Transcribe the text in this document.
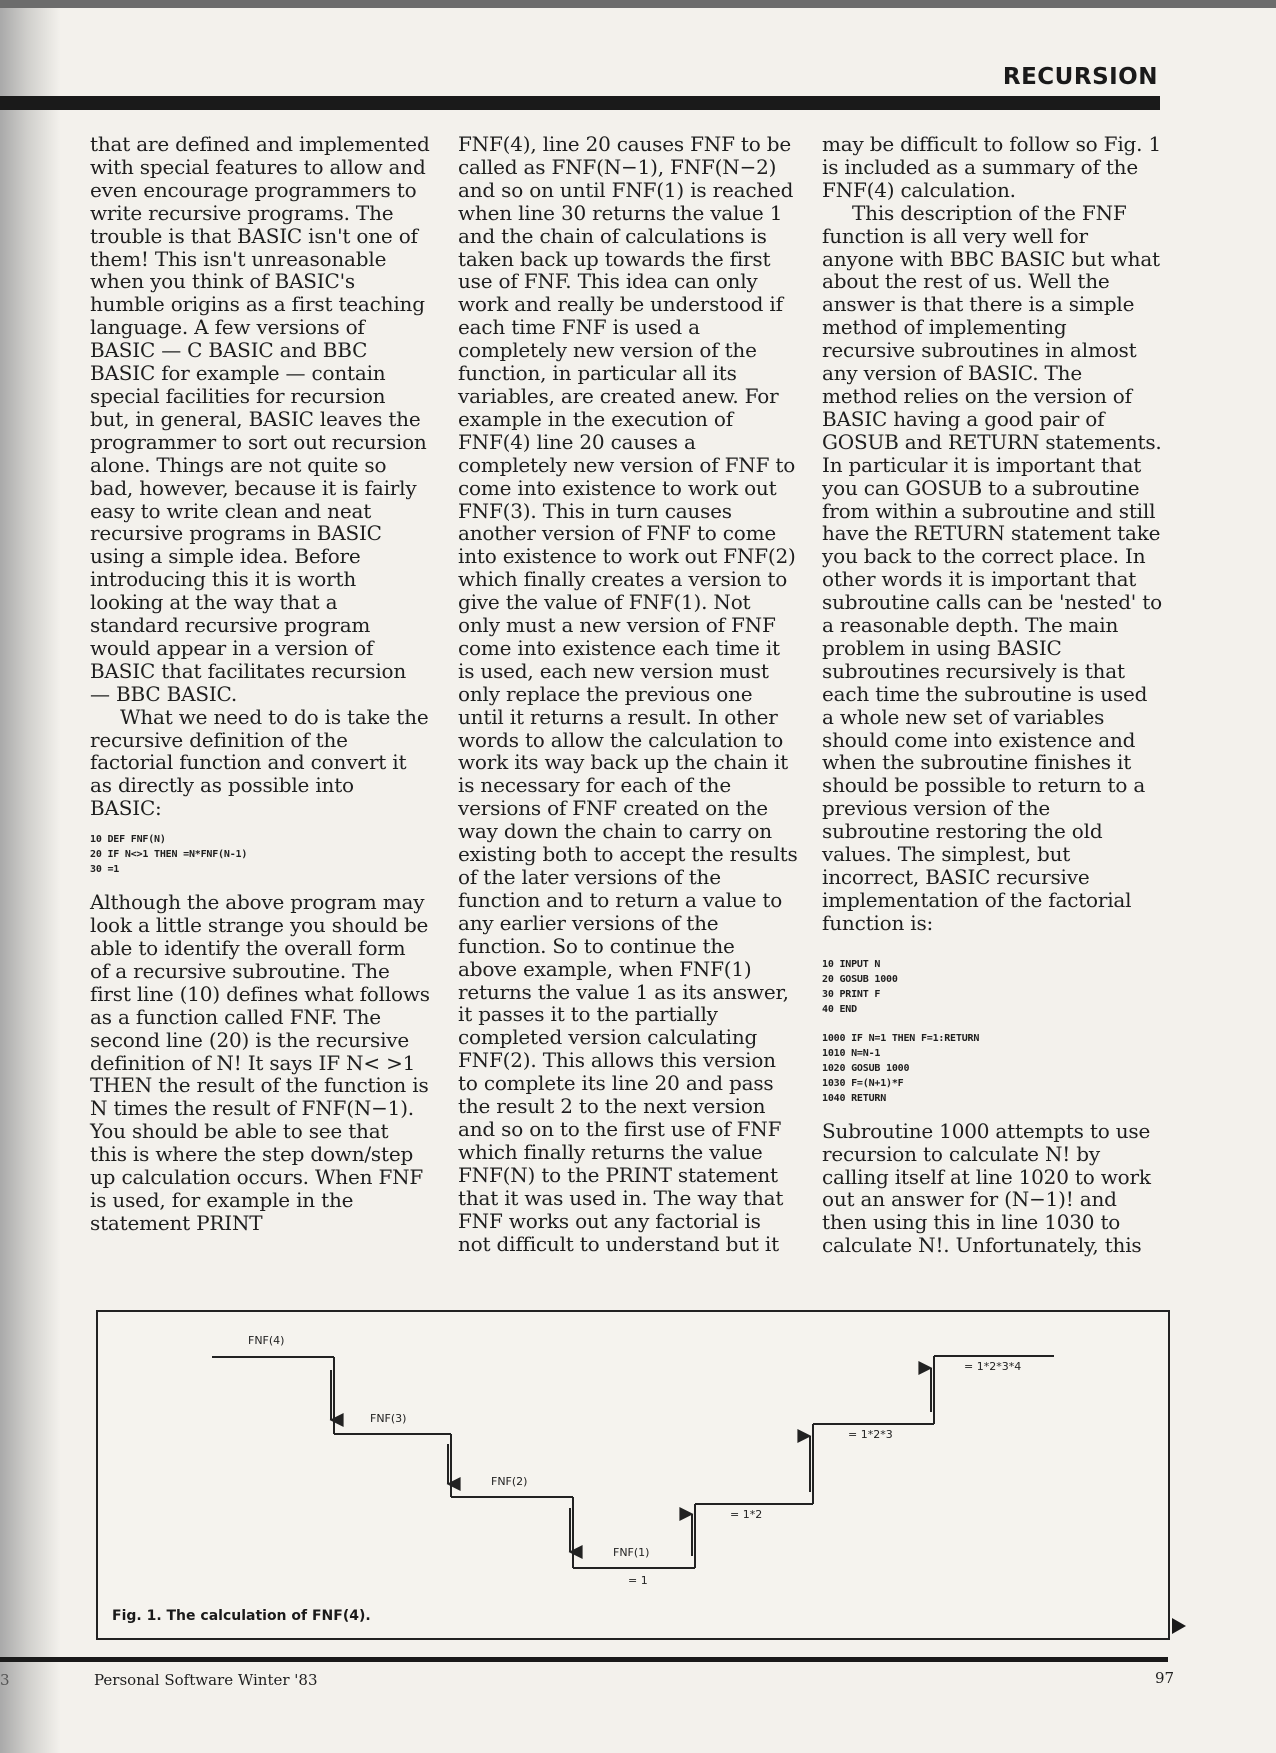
RECURSION

that are defined and implemented with special features to allow and even encourage programmers to write recursive programs. The trouble is that BASIC isn't one of them! This isn't unreasonable when you think of BASIC's humble origins as a first teaching language. A few versions of BASIC — C BASIC and BBC BASIC for example — contain special facilities for recursion but, in general, BASIC leaves the programmer to sort out recursion alone. Things are not quite so bad, however, because it is fairly easy to write clean and neat recursive programs in BASIC using a simple idea. Before introducing this it is worth looking at the way that a standard recursive program would appear in a version of BASIC that facilitates recursion — BBC BASIC.

What we need to do is take the recursive definition of the factorial function and convert it as directly as possible into BASIC:

10 DEF FNF(N)
20 IF N<>1 THEN =N*FNF(N-1)
30 =1

Although the above program may look a little strange you should be able to identify the overall form of a recursive subroutine. The first line (10) defines what follows as a function called FNF. The second line (20) is the recursive definition of N! It says IF N< >1 THEN the result of the function is N times the result of FNF(N−1). You should be able to see that this is where the step down/step up calculation occurs. When FNF is used, for example in the statement PRINT

FNF(4), line 20 causes FNF to be called as FNF(N−1), FNF(N−2) and so on until FNF(1) is reached when line 30 returns the value 1 and the chain of calculations is taken back up towards the first use of FNF. This idea can only work and really be understood if each time FNF is used a completely new version of the function, in particular all its variables, are created anew. For example in the execution of FNF(4) line 20 causes a completely new version of FNF to come into existence to work out FNF(3). This in turn causes another version of FNF to come into existence to work out FNF(2) which finally creates a version to give the value of FNF(1). Not only must a new version of FNF come into existence each time it is used, each new version must only replace the previous one until it returns a result. In other words to allow the calculation to work its way back up the chain it is necessary for each of the versions of FNF created on the way down the chain to carry on existing both to accept the results of the later versions of the function and to return a value to any earlier versions of the function. So to continue the above example, when FNF(1) returns the value 1 as its answer, it passes it to the partially completed version calculating FNF(2). This allows this version to complete its line 20 and pass the result 2 to the next version and so on to the first use of FNF which finally returns the value FNF(N) to the PRINT statement that it was used in. The way that FNF works out any factorial is not difficult to understand but it

may be difficult to follow so Fig. 1 is included as a summary of the FNF(4) calculation.

This description of the FNF function is all very well for anyone with BBC BASIC but what about the rest of us. Well the answer is that there is a simple method of implementing recursive subroutines in almost any version of BASIC. The method relies on the version of BASIC having a good pair of GOSUB and RETURN statements. In particular it is important that you can GOSUB to a subroutine from within a subroutine and still have the RETURN statement take you back to the correct place. In other words it is important that subroutine calls can be 'nested' to a reasonable depth. The main problem in using BASIC subroutines recursively is that each time the subroutine is used a whole new set of variables should come into existence and when the subroutine finishes it should be possible to return to a previous version of the subroutine restoring the old values. The simplest, but incorrect, BASIC recursive implementation of the factorial function is:

10 INPUT N
20 GOSUB 1000
30 PRINT F
40 END
1000 IF N=1 THEN F=1:RETURN
1010 N=N-1
1020 GOSUB 1000
1030 F=(N+1)*F
1040 RETURN

Subroutine 1000 attempts to use recursion to calculate N! by calling itself at line 1020 to work out an answer for (N−1)! and then using this in line 1030 to calculate N!. Unfortunately, this

FNF(4)
FNF(3)
FNF(2)
FNF(1)
= 1
= 1*2
= 1*2*3
= 1*2*3*4
Fig. 1. The calculation of FNF(4).
3	Personal Software Winter '83	97
